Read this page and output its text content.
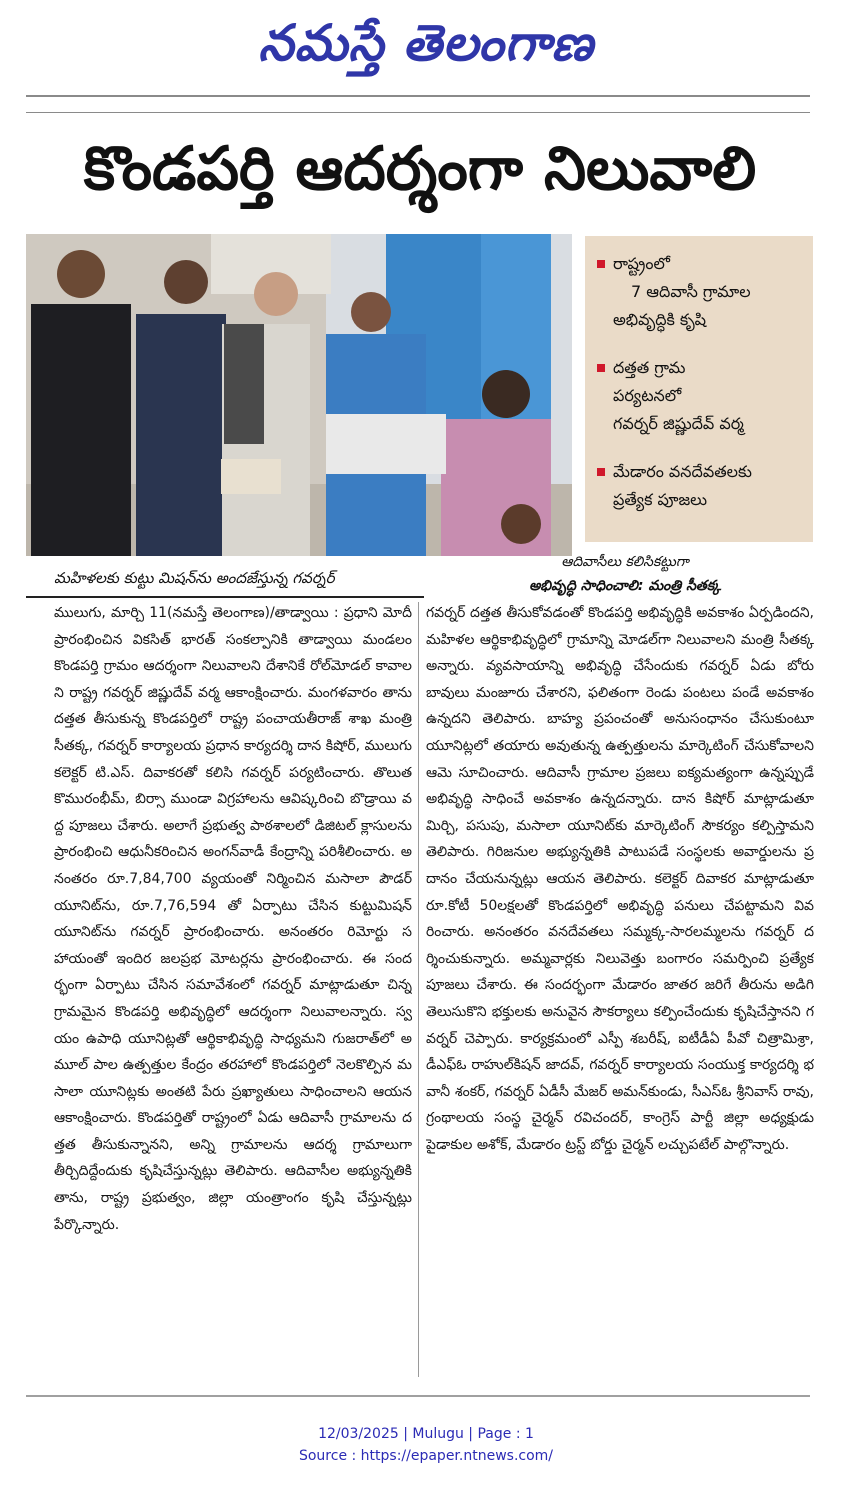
నమస్తే తెలంగాణ
కొండపర్తి ఆదర్శంగా నిలువాలి
రాష్ట్రంలో
7 ఆదివాసీ గ్రామాల
అభివృద్ధికి కృషి
దత్తత గ్రామ
పర్యటనలో
గవర్నర్ జిష్ణుదేవ్ వర్మ
మేడారం వనదేవతలకు
ప్రత్యేక పూజలు
మహిళలకు కుట్టు మిషన్‌ను అందజేస్తున్న గవర్నర్
ఆదివాసీలు కలిసికట్టుగా
అభివృద్ధి సాధించాలి: మంత్రి సీతక్క
ములుగు, మార్చి 11(నమస్తే తెలంగాణ)/తాడ్వాయి : ప్రధాని మోదీ ప్రారంభించిన వికసిత్ భారత్ సంకల్పానికి తాడ్వాయి మండలం కొండపర్తి గ్రామం ఆదర్శంగా నిలువాలని దేశానికే రోల్‌మోడల్ కావాలని రాష్ట్ర గవర్నర్ జిష్ణుదేవ్ వర్మ ఆకాంక్షించారు. మంగళవారం తాను దత్తత తీసుకున్న కొండపర్తిలో రాష్ట్ర పంచాయతీరాజ్ శాఖ మంత్రి సీతక్క, గవర్నర్ కార్యాలయ ప్రధాన కార్యదర్శి దాన కిషోర్, ములుగు కలెక్టర్ టి.ఎస్. దివాకరతో కలిసి గవర్నర్ పర్యటించారు. తొలుత కొమురంభీమ్, బిర్సా ముండా విగ్రహాలను ఆవిష్కరించి బొడ్రాయి వద్ద పూజలు చేశారు. అలాగే ప్రభుత్వ పాఠశాలలో డిజిటల్ క్లాసులను ప్రారంభించి ఆధునీకరించిన అంగన్‌వాడీ కేంద్రాన్ని పరిశీలించారు. అనంతరం రూ.7,84,700 వ్యయంతో నిర్మించిన మసాలా పౌడర్ యూనిట్‌ను, రూ.7,76,594 తో ఏర్పాటు చేసిన కుట్టుమిషన్ యూనిట్‌ను గవర్నర్ ప్రారంభించారు. అనంతరం రిమోర్టు సహాయంతో ఇందిర జలప్రభ మోటర్లను ప్రారంభించారు. ఈ సందర్భంగా ఏర్పాటు చేసిన సమావేశంలో గవర్నర్ మాట్లాడుతూ చిన్న గ్రామమైన కొండపర్తి అభివృద్ధిలో ఆదర్శంగా నిలువాలన్నారు. స్వయం ఉపాధి యూనిట్లతో ఆర్థికాభివృద్ధి సాధ్యమని గుజరాత్‌లో అమూల్ పాల ఉత్పత్తుల కేంద్రం తరహాలో కొండపర్తిలో నెలకొల్పిన మసాలా యూనిట్లకు అంతటి పేరు ప్రఖ్యాతులు సాధించాలని ఆయన ఆకాంక్షించారు. కొండపర్తితో రాష్ట్రంలో ఏడు ఆదివాసీ గ్రామాలను దత్తత తీసుకున్నానని, అన్ని గ్రామాలను ఆదర్శ గ్రామాలుగా తీర్చిదిద్దేందుకు కృషిచేస్తున్నట్లు తెలిపారు. ఆదివాసీల అభ్యున్నతికి తాను, రాష్ట్ర ప్రభుత్వం, జిల్లా యంత్రాంగం కృషి చేస్తున్నట్లు పేర్కొన్నారు.
గవర్నర్ దత్తత తీసుకోవడంతో కొండపర్తి అభివృద్ధికి అవకాశం ఏర్పడిందని, మహిళల ఆర్థికాభివృద్ధిలో గ్రామాన్ని మోడల్‌గా నిలువాలని మంత్రి సీతక్క అన్నారు. వ్యవసాయాన్ని అభివృద్ధి చేసేందుకు గవర్నర్ ఏడు బోరు బావులు మంజూరు చేశారని, ఫలితంగా రెండు పంటలు పండే అవకాశం ఉన్నదని తెలిపారు. బాహ్య ప్రపంచంతో అనుసంధానం చేసుకుంటూ యూనిట్లలో తయారు అవుతున్న ఉత్పత్తులను మార్కెటింగ్ చేసుకోవాలని ఆమె సూచించారు. ఆదివాసీ గ్రామాల ప్రజలు ఐక్యమత్యంగా ఉన్నప్పుడే అభివృద్ధి సాధించే అవకాశం ఉన్నదన్నారు. దాన కిషోర్ మాట్లాడుతూ మిర్చి, పసుపు, మసాలా యూనిట్‌కు మార్కెటింగ్ సౌకర్యం కల్పిస్తామని తెలిపారు. గిరిజనుల అభ్యున్నతికి పాటుపడే సంస్థలకు అవార్డులను ప్రదానం చేయనున్నట్లు ఆయన తెలిపారు. కలెక్టర్ దివాకర మాట్లాడుతూ రూ.కోటీ 50లక్షలతో కొండపర్తిలో అభివృద్ధి పనులు చేపట్టామని వివరించారు. అనంతరం వనదేవతలు సమ్మక్క-సారలమ్మలను గవర్నర్ దర్శించుకున్నారు. అమ్మవార్లకు నిలువెత్తు బంగారం సమర్పించి ప్రత్యేక పూజలు చేశారు. ఈ సందర్భంగా మేడారం జాతర జరిగే తీరును అడిగి తెలుసుకొని భక్తులకు అనువైన సౌకర్యాలు కల్పించేందుకు కృషిచేస్తానని గవర్నర్ చెప్పారు. కార్యక్రమంలో ఎస్పీ శబరీష్, ఐటీడీఏ పీవో చిత్రామిశ్రా, డీఎఫ్‌ఓ రాహుల్‌కిషన్ జాదవ్, గవర్నర్ కార్యాలయ సంయుక్త కార్యదర్శి భవానీ శంకర్, గవర్నర్ ఏడీసీ మేజర్ అమన్‌కుండు, సీఎస్‌ఓ శ్రీనివాస్ రావు, గ్రంథాలయ సంస్థ చైర్మన్ రవిచందర్, కాంగ్రెస్ పార్టీ జిల్లా అధ్యక్షుడు పైడాకుల అశోక్, మేడారం ట్రస్ట్ బోర్డు చైర్మన్ లచ్చుపటేల్ పాల్గొన్నారు.
12/03/2025 | Mulugu | Page : 1
Source : https://epaper.ntnews.com/
